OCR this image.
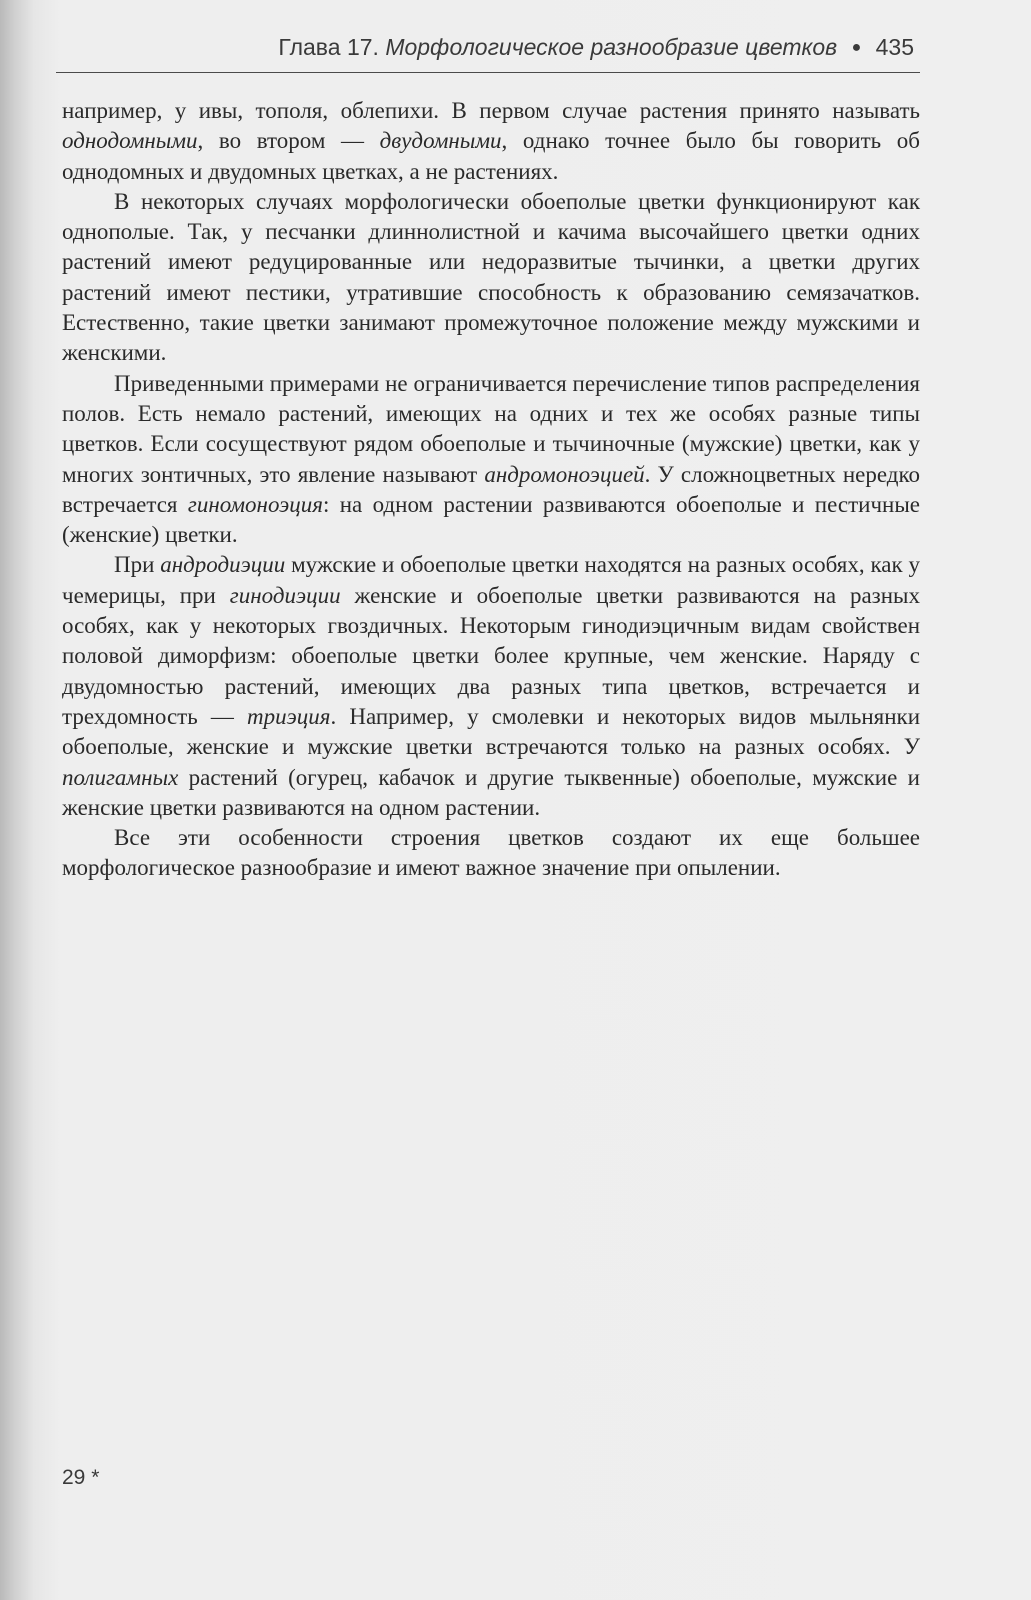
Глава 17. Морфологическое разнообразие цветков ● 435

например, у ивы, тополя, облепихи. В первом случае растения принято называть однодомными, во втором — двудомными, однако точнее было бы говорить об однодомных и двудомных цветках, а не растениях.

В некоторых случаях морфологически обоеполые цветки функционируют как однополые. Так, у песчанки длиннолистной и качима высочайшего цветки одних растений имеют редуцированные или недоразвитые тычинки, а цветки других растений имеют пестики, утратившие способность к образованию семязачатков. Естественно, такие цветки занимают промежуточное положение между мужскими и женскими.

Приведенными примерами не ограничивается перечисление типов распределения полов. Есть немало растений, имеющих на одних и тех же особях разные типы цветков. Если сосуществуют рядом обоеполые и тычиночные (мужские) цветки, как у многих зонтичных, это явление называют андромоноэцией. У сложноцветных нередко встречается гиномоноэция: на одном растении развиваются обоеполые и пестичные (женские) цветки.

При андродиэции мужские и обоеполые цветки находятся на разных особях, как у чемерицы, при гинодиэции женские и обоеполые цветки развиваются на разных особях, как у некоторых гвоздичных. Некоторым гинодиэцичным видам свойствен половой диморфизм: обоеполые цветки более крупные, чем женские. Наряду с двудомностью растений, имеющих два разных типа цветков, встречается и трехдомность — триэция. Например, у смолевки и некоторых видов мыльнянки обоеполые, женские и мужские цветки встречаются только на разных особях. У полигамных растений (огурец, кабачок и другие тыквенные) обоеполые, мужские и женские цветки развиваются на одном растении.

Все эти особенности строения цветков создают их еще большее морфологическое разнообразие и имеют важное значение при опылении.

29 *
